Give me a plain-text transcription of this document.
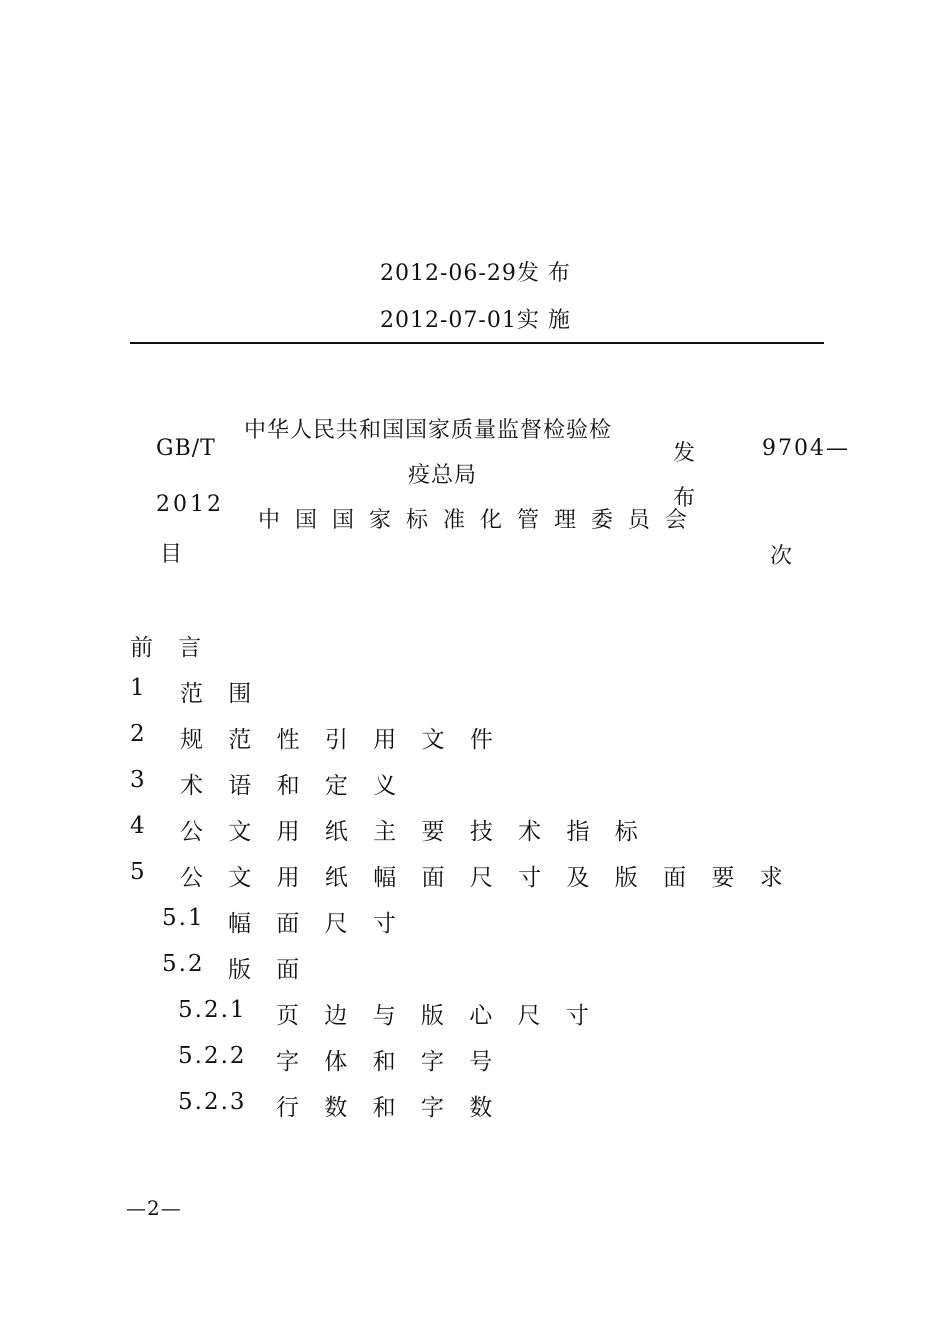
2012-06-29发 布
2012-07-01实 施
GB/T
2012
目
中华人民共和国国家质量监督检验检
疫总局
中 国 国 家 标 准 化 管 理 委 员 会
发
布
9704—
次
前 言
1 范 围
2 规 范 性 引 用 文 件
3 术 语 和 定 义
4 公 文 用 纸 主 要 技 术 指 标
5 公 文 用 纸 幅 面 尺 寸 及 版 面 要 求
5.1 幅 面 尺 寸
5.2 版 面
5.2.1 页 边 与 版 心 尺 寸
5.2.2 字 体 和 字 号
5.2.3 行 数 和 字 数
—2—
